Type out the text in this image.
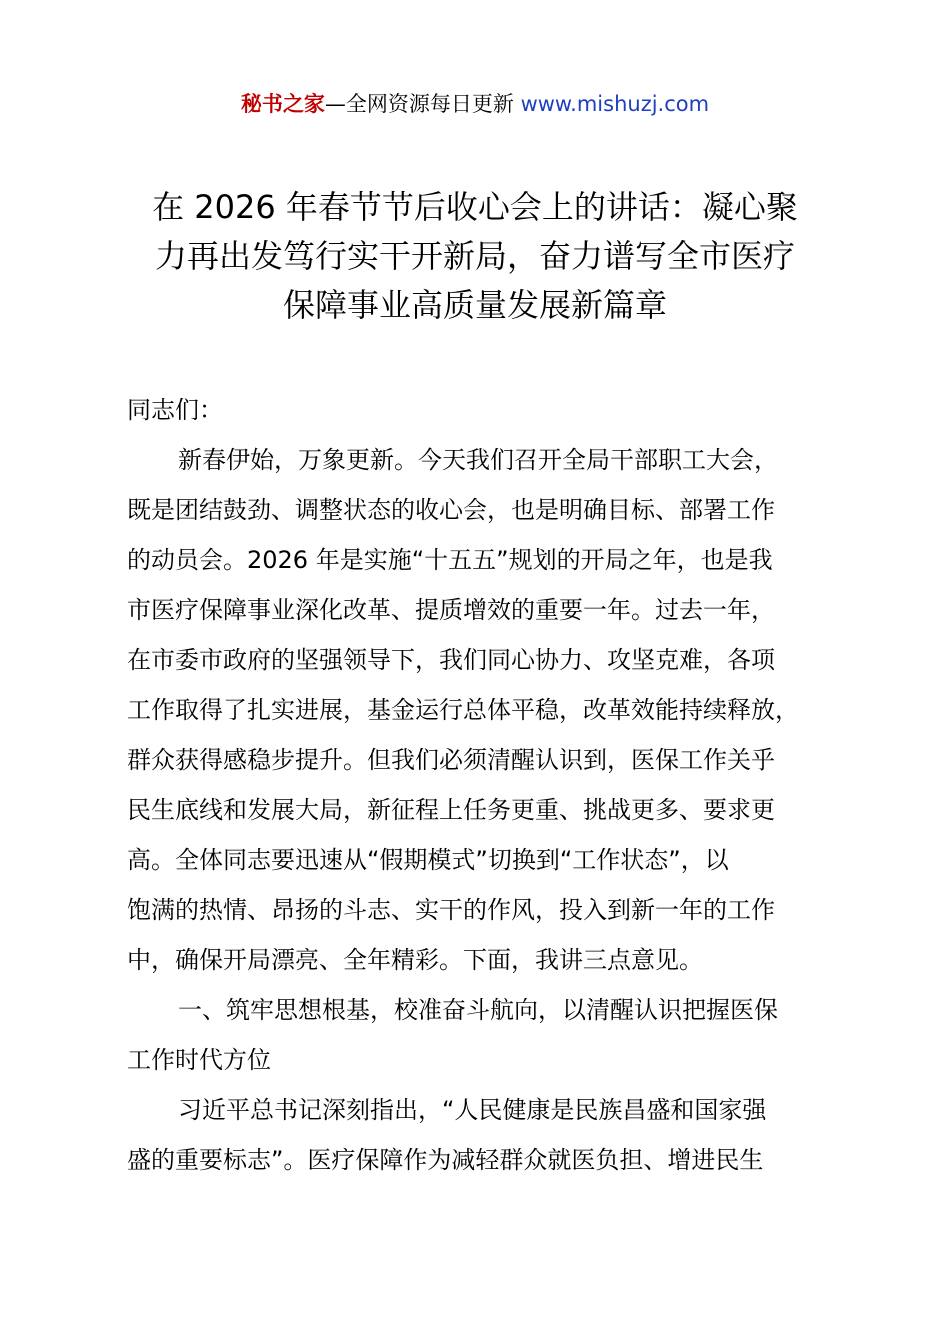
秘书之家—全网资源每日更新 www.mishuzj.com
在 2026 年春节节后收心会上的讲话：凝心聚
力再出发笃行实干开新局，奋力谱写全市医疗
保障事业高质量发展新篇章
同志们：
新春伊始，万象更新。今天我们召开全局干部职工大会，
既是团结鼓劲、调整状态的收心会，也是明确目标、部署工作
的动员会。2026 年是实施“十五五”规划的开局之年，也是我
市医疗保障事业深化改革、提质增效的重要一年。过去一年，
在市委市政府的坚强领导下，我们同心协力、攻坚克难，各项
工作取得了扎实进展，基金运行总体平稳，改革效能持续释放，
群众获得感稳步提升。但我们必须清醒认识到，医保工作关乎
民生底线和发展大局，新征程上任务更重、挑战更多、要求更
高。全体同志要迅速从“假期模式”切换到“工作状态”，以
饱满的热情、昂扬的斗志、实干的作风，投入到新一年的工作
中，确保开局漂亮、全年精彩。下面，我讲三点意见。
一、筑牢思想根基，校准奋斗航向，以清醒认识把握医保
工作时代方位
习近平总书记深刻指出，“人民健康是民族昌盛和国家强
盛的重要标志”。医疗保障作为减轻群众就医负担、增进民生
